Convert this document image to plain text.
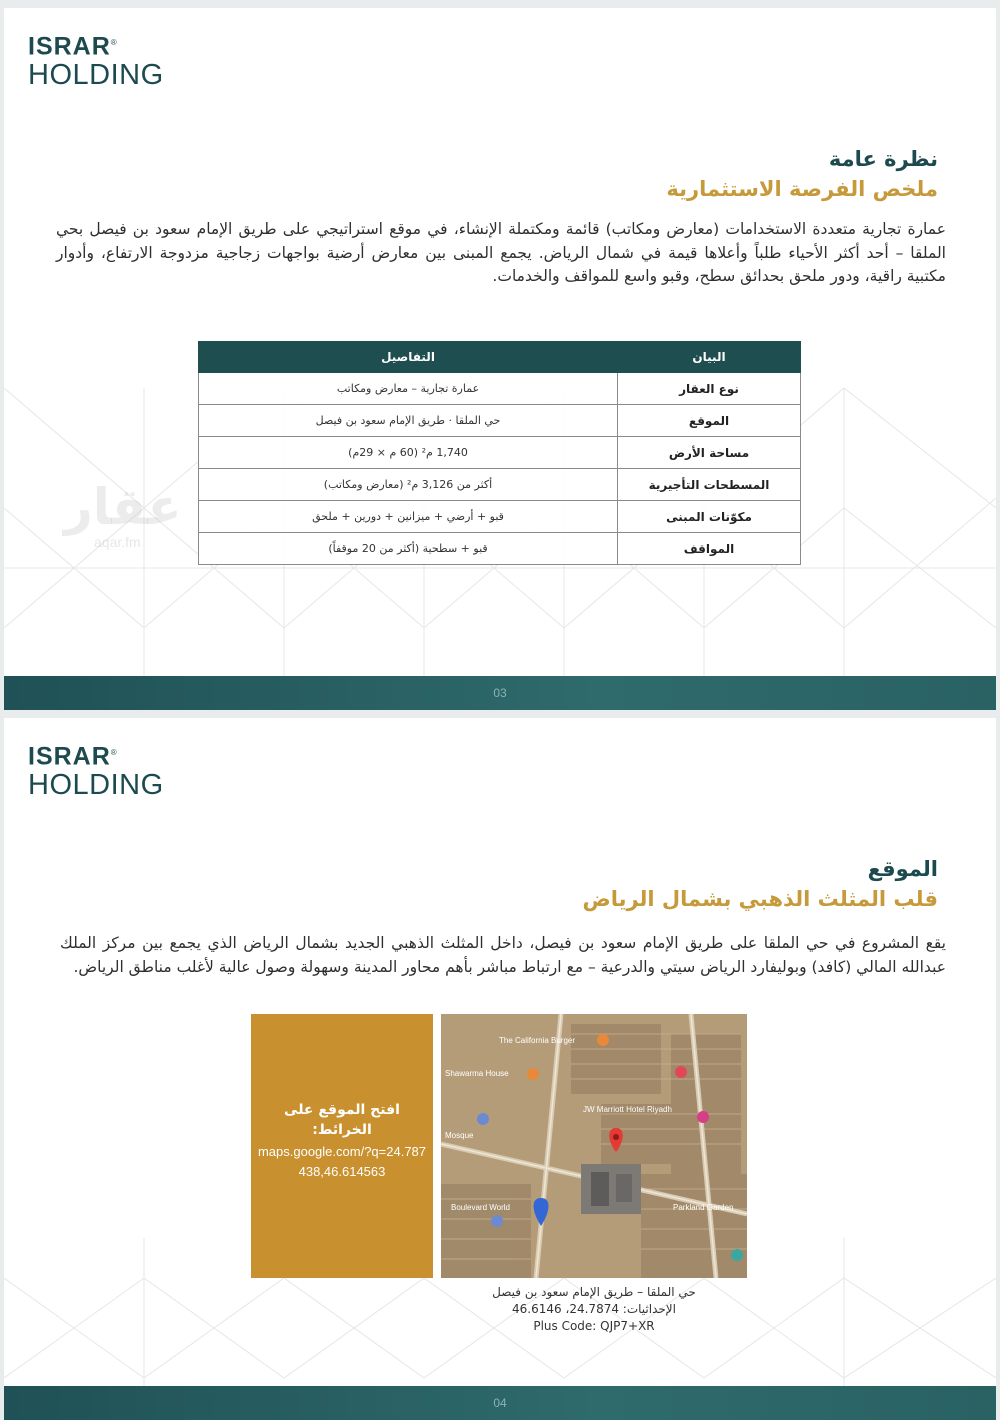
ISRAR®
HOLDING
نظرة عامة
ملخص الفرصة الاستثمارية
عمارة تجارية متعددة الاستخدامات (معارض ومكاتب) قائمة ومكتملة الإنشاء، في موقع استراتيجي على طريق الإمام سعود بن فيصل بحي الملقا – أحد أكثر الأحياء طلباً وأعلاها قيمة في شمال الرياض. يجمع المبنى بين معارض أرضية بواجهات زجاجية مزدوجة الارتفاع، وأدوار مكتبية راقية، ودور ملحق بحدائق سطح، وقبو واسع للمواقف والخدمات.
عقار
aqar.fm
البيان	التفاصيل
نوع العقار	عمارة تجارية – معارض ومكاتب
الموقع	حي الملقا · طريق الإمام سعود بن فيصل
مساحة الأرض	1,740 م² (60 م × 29م)
المسطحات التأجيرية	أكثر من 3,126 م² (معارض ومكاتب)
مكوّنات المبنى	قبو + أرضي + ميزانين + دورين + ملحق
المواقف	قبو + سطحية (أكثر من 20 موقفاً)
03
ISRAR®
HOLDING
الموقع
قلب المثلث الذهبي بشمال الرياض
يقع المشروع في حي الملقا على طريق الإمام سعود بن فيصل، داخل المثلث الذهبي الجديد بشمال الرياض الذي يجمع بين مركز الملك عبدالله المالي (كافد) وبوليفارد الرياض سيتي والدرعية – مع ارتباط مباشر بأهم محاور المدينة وسهولة وصول عالية لأغلب مناطق الرياض.
افتح الموقع على الخرائط:
maps.google.com/?q=24.787438,46.614563
The California Burger
Shawarma House
JW Marriott Hotel Riyadh
Mosque
Boulevard World	Parkland Garden
حي الملقا – طريق الإمام سعود بن فيصل
الإحداثيات: 24.7874، 46.6146
Plus Code: QJP7+XR
04
